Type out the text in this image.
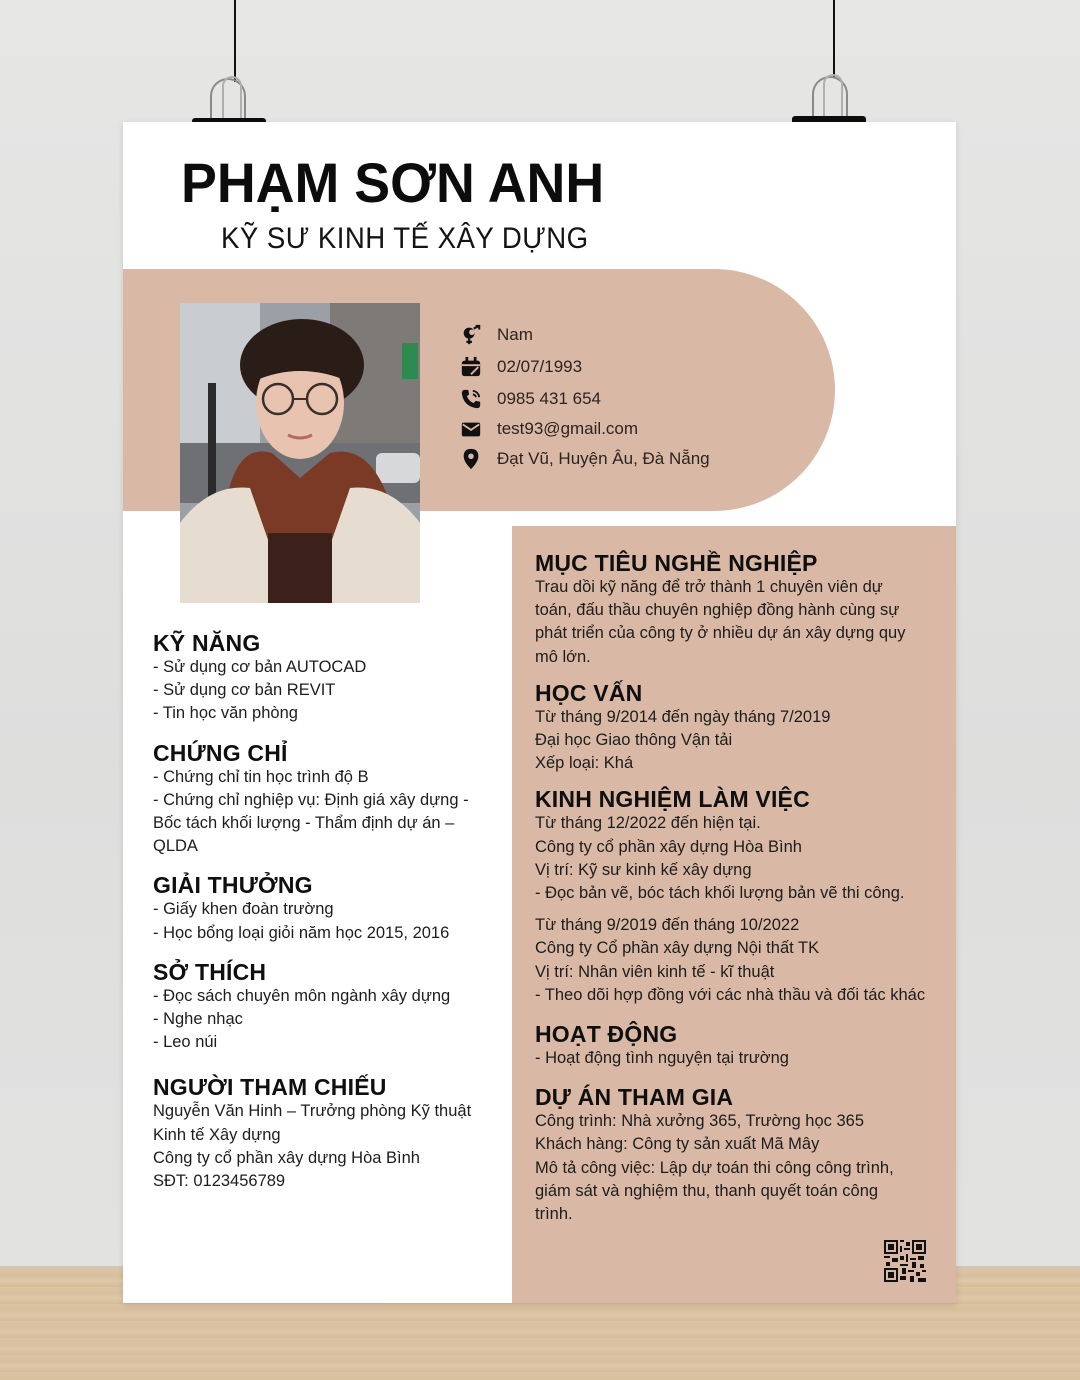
PHẠM SƠN ANH
KỸ SƯ KINH TẾ XÂY DỰNG
Nam
02/07/1993
0985 431 654
test93@gmail.com
Đạt Vũ, Huyện Âu, Đà Nẵng
KỸ NĂNG
- Sử dụng cơ bản AUTOCAD
- Sử dụng cơ bản REVIT
- Tin học văn phòng
CHỨNG CHỈ
- Chứng chỉ tin học trình độ B
- Chứng chỉ nghiệp vụ: Định giá xây dựng -
Bốc tách khối lượng - Thẩm định dự án –
QLDA
GIẢI THƯỞNG
- Giấy khen đoàn trường
- Học bổng loại giỏi năm học 2015, 2016
SỞ THÍCH
- Đọc sách chuyên môn ngành xây dựng
- Nghe nhạc
- Leo núi
NGƯỜI THAM CHIẾU
Nguyễn Văn Hinh – Trưởng phòng Kỹ thuật
Kinh tế Xây dựng
Công ty cổ phần xây dựng Hòa Bình
SĐT: 0123456789
MỤC TIÊU NGHỀ NGHIỆP
Trau dồi kỹ năng để trở thành 1 chuyên viên dự
toán, đấu thầu chuyên nghiệp đồng hành cùng sự
phát triển của công ty ở nhiều dự án xây dựng quy
mô lớn.
HỌC VẤN
Từ tháng 9/2014 đến ngày tháng 7/2019
Đại học Giao thông Vận tải
Xếp loại: Khá
KINH NGHIỆM LÀM VIỆC
Từ tháng 12/2022 đến hiện tại.
Công ty cổ phần xây dựng Hòa Bình
Vị trí: Kỹ sư kinh kế xây dựng
- Đọc bản vẽ, bóc tách khối lượng bản vẽ thi công.
Từ tháng 9/2019 đến tháng 10/2022
Công ty Cổ phần xây dựng Nội thất TK
Vị trí: Nhân viên kinh tế - kĩ thuật
- Theo dõi hợp đồng với các nhà thầu và đối tác khác
HOẠT ĐỘNG
- Hoạt động tình nguyện tại trường
DỰ ÁN THAM GIA
Công trình: Nhà xưởng 365, Trường học 365
Khách hàng: Công ty sản xuất Mã Mây
Mô tả công việc: Lập dự toán thi công công trình,
giám sát và nghiệm thu, thanh quyết toán công
trình.
